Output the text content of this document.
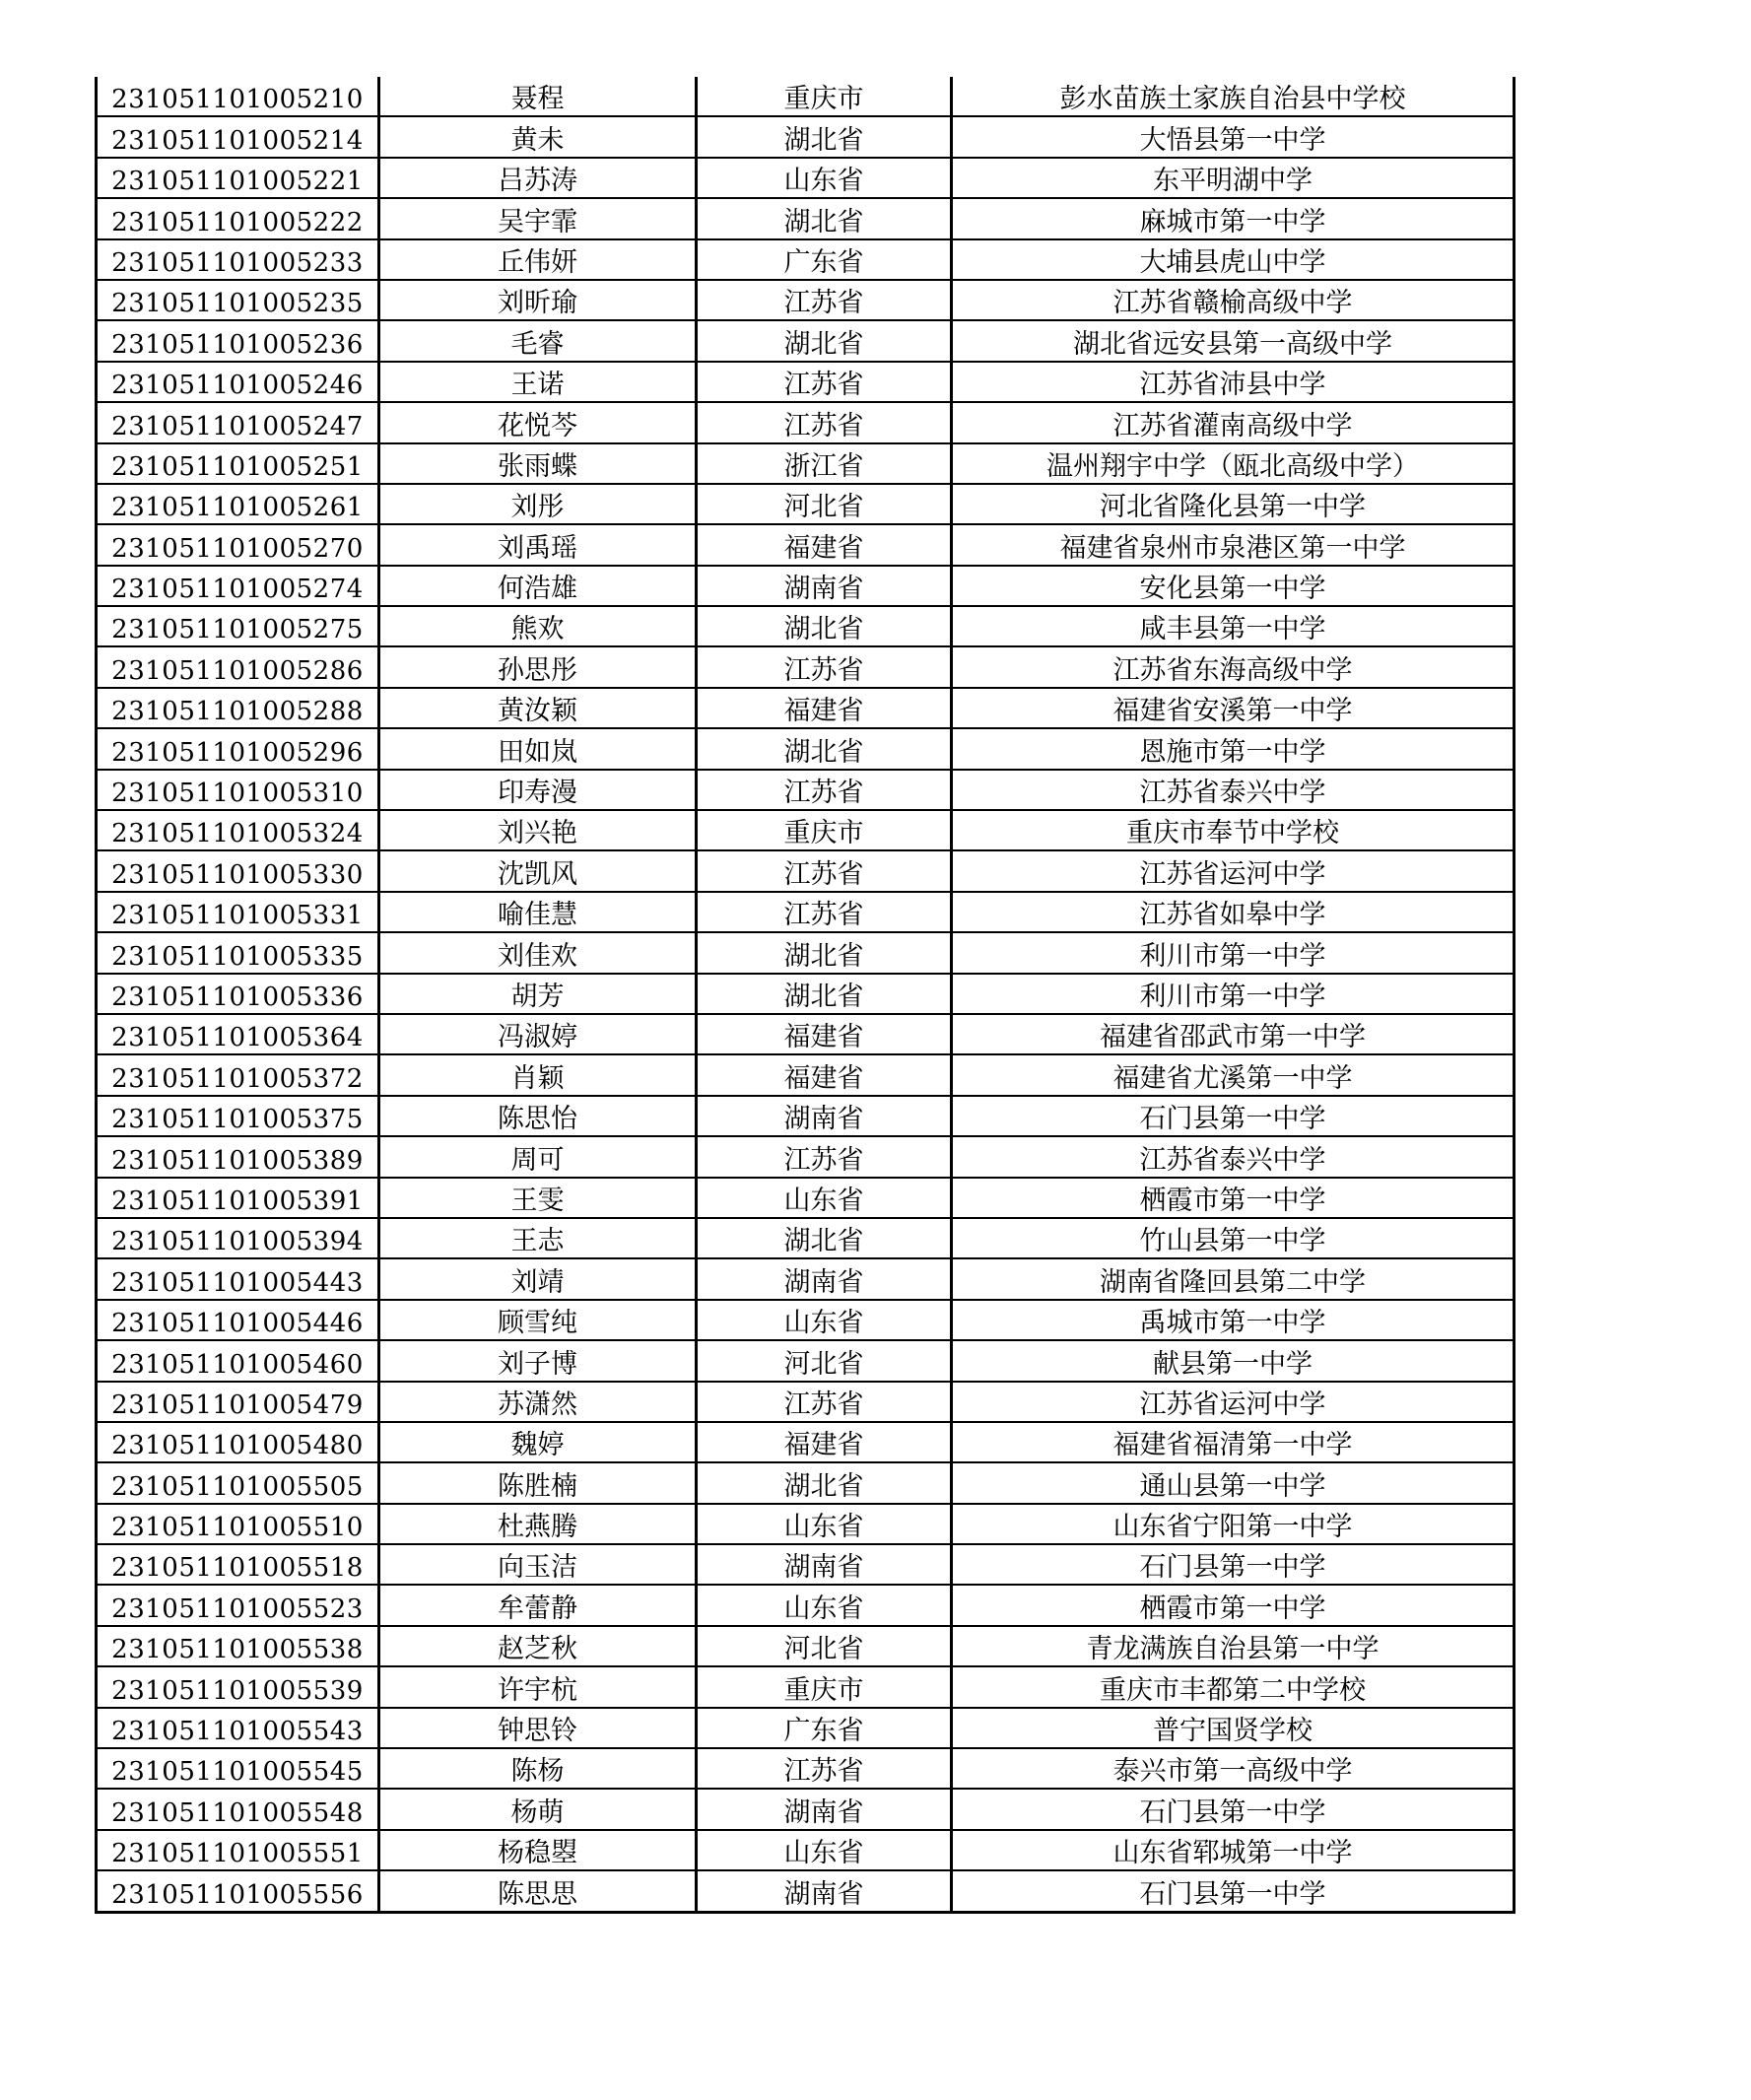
231051101005210	聂程	重庆市	彭水苗族土家族自治县中学校
231051101005214	黄未	湖北省	大悟县第一中学
231051101005221	吕苏涛	山东省	东平明湖中学
231051101005222	吴宇霏	湖北省	麻城市第一中学
231051101005233	丘伟妍	广东省	大埔县虎山中学
231051101005235	刘昕瑜	江苏省	江苏省赣榆高级中学
231051101005236	毛睿	湖北省	湖北省远安县第一高级中学
231051101005246	王诺	江苏省	江苏省沛县中学
231051101005247	花悦芩	江苏省	江苏省灌南高级中学
231051101005251	张雨蝶	浙江省	温州翔宇中学（瓯北高级中学）
231051101005261	刘彤	河北省	河北省隆化县第一中学
231051101005270	刘禹瑶	福建省	福建省泉州市泉港区第一中学
231051101005274	何浩雄	湖南省	安化县第一中学
231051101005275	熊欢	湖北省	咸丰县第一中学
231051101005286	孙思彤	江苏省	江苏省东海高级中学
231051101005288	黄汝颖	福建省	福建省安溪第一中学
231051101005296	田如岚	湖北省	恩施市第一中学
231051101005310	印寿漫	江苏省	江苏省泰兴中学
231051101005324	刘兴艳	重庆市	重庆市奉节中学校
231051101005330	沈凯风	江苏省	江苏省运河中学
231051101005331	喻佳慧	江苏省	江苏省如皋中学
231051101005335	刘佳欢	湖北省	利川市第一中学
231051101005336	胡芳	湖北省	利川市第一中学
231051101005364	冯淑婷	福建省	福建省邵武市第一中学
231051101005372	肖颖	福建省	福建省尤溪第一中学
231051101005375	陈思怡	湖南省	石门县第一中学
231051101005389	周可	江苏省	江苏省泰兴中学
231051101005391	王雯	山东省	栖霞市第一中学
231051101005394	王志	湖北省	竹山县第一中学
231051101005443	刘靖	湖南省	湖南省隆回县第二中学
231051101005446	顾雪纯	山东省	禹城市第一中学
231051101005460	刘子博	河北省	献县第一中学
231051101005479	苏潇然	江苏省	江苏省运河中学
231051101005480	魏婷	福建省	福建省福清第一中学
231051101005505	陈胜楠	湖北省	通山县第一中学
231051101005510	杜燕腾	山东省	山东省宁阳第一中学
231051101005518	向玉洁	湖南省	石门县第一中学
231051101005523	牟蕾静	山东省	栖霞市第一中学
231051101005538	赵芝秋	河北省	青龙满族自治县第一中学
231051101005539	许宇杭	重庆市	重庆市丰都第二中学校
231051101005543	钟思铃	广东省	普宁国贤学校
231051101005545	陈杨	江苏省	泰兴市第一高级中学
231051101005548	杨萌	湖南省	石门县第一中学
231051101005551	杨稳曌	山东省	山东省郓城第一中学
231051101005556	陈思思	湖南省	石门县第一中学
